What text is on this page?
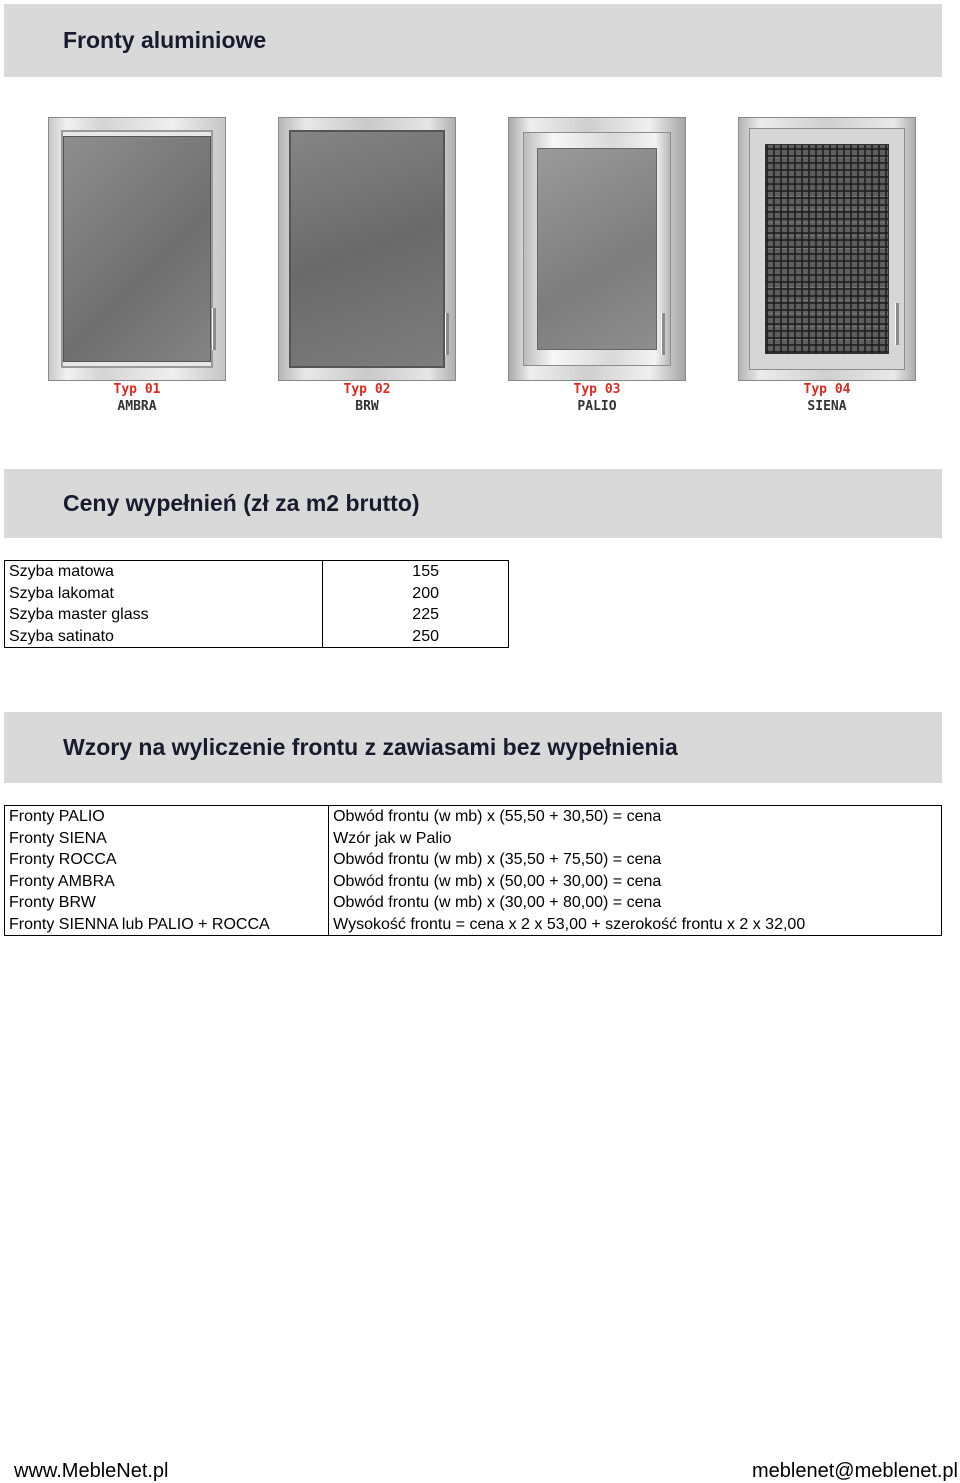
Fronty aluminiowe
Typ 01
AMBRA
Typ 02
BRW
Typ 03
PALIO
Typ 04
SIENA
Ceny wypełnień (zł za m2 brutto)
Szyba matowa	155
Szyba lakomat	200
Szyba master glass	225
Szyba satinato	250
Wzory na wyliczenie frontu z zawiasami bez wypełnienia
Fronty PALIO	Obwód frontu (w mb) x (55,50 + 30,50) = cena
Fronty SIENA	Wzór jak w Palio
Fronty ROCCA	Obwód frontu (w mb) x (35,50 + 75,50) = cena
Fronty AMBRA	Obwód frontu (w mb) x (50,00 + 30,00) = cena
Fronty BRW	Obwód frontu (w mb) x (30,00 + 80,00) = cena
Fronty SIENNA lub PALIO + ROCCA	Wysokość frontu = cena x 2 x 53,00 + szerokość frontu x 2 x 32,00
www.MebleNet.pl	meblenet@meblenet.pl
